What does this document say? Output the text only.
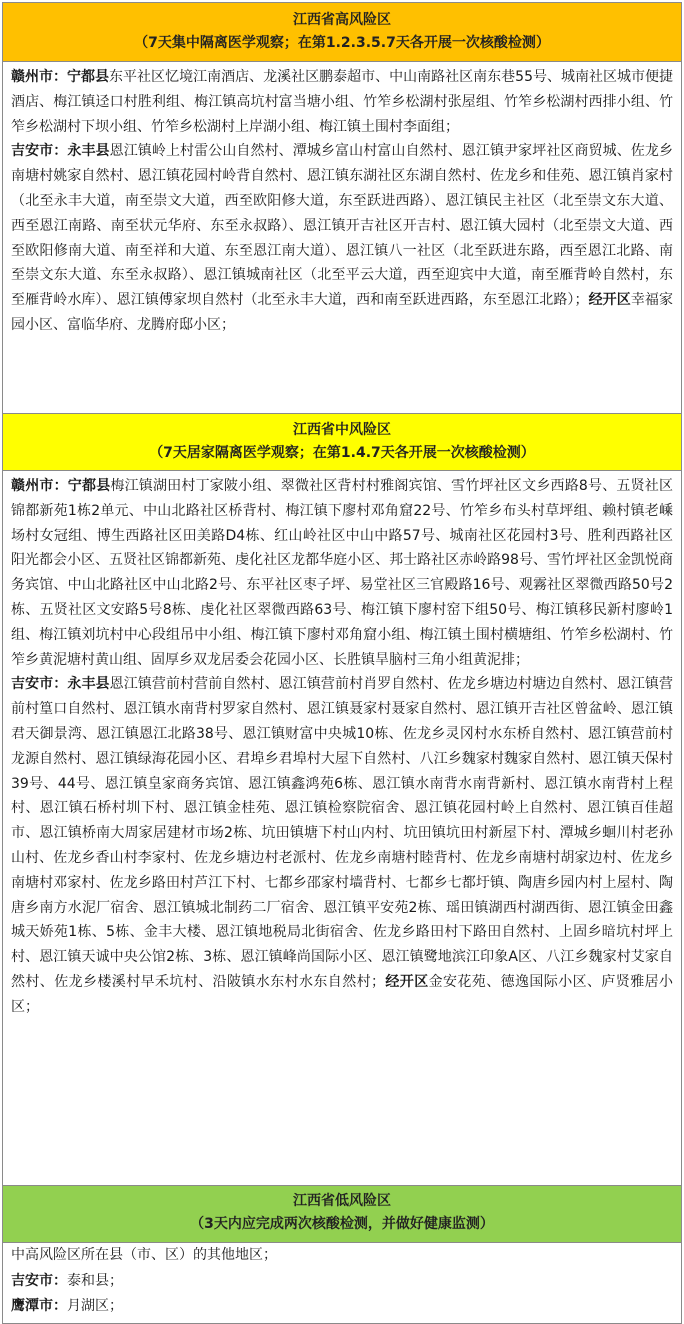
江西省高风险区
（7天集中隔离医学观察；在第1.2.3.5.7天各开展一次核酸检测）

赣州市：宁都县东平社区忆境江南酒店、龙溪社区鹏泰超市、中山南路社区南东巷55号、城南社区城市便捷酒店、梅江镇迳口村胜利组、梅江镇高坑村富当塘小组、竹笮乡松湖村张屋组、竹笮乡松湖村西排小组、竹笮乡松湖村下坝小组、竹笮乡松湖村上岸湖小组、梅江镇土围村李面组；

吉安市：永丰县恩江镇岭上村雷公山自然村、潭城乡富山村富山自然村、恩江镇尹家坪社区商贸城、佐龙乡南塘村姚家自然村、恩江镇花园村岭背自然村、恩江镇东湖社区东湖自然村、佐龙乡和佳苑、恩江镇肖家村（北至永丰大道，南至崇文大道，西至欧阳修大道，东至跃进西路）、恩江镇民主社区（北至崇文东大道、西至恩江南路、南至状元华府、东至永叔路）、恩江镇开吉社区开吉村、恩江镇大园村（北至崇文大道、西至欧阳修南大道、南至祥和大道、东至恩江南大道）、恩江镇八一社区（北至跃进东路，西至恩江北路、南至崇文东大道、东至永叔路）、恩江镇城南社区（北至平云大道，西至迎宾中大道，南至雁背岭自然村，东至雁背岭水库）、恩江镇傅家坝自然村（北至永丰大道，西和南至跃进西路，东至恩江北路）；经开区幸福家园小区、富临华府、龙腾府邸小区；

江西省中风险区
（7天居家隔离医学观察；在第1.4.7天各开展一次核酸检测）

赣州市：宁都县梅江镇湖田村丁家陂小组、翠微社区背村村雅阁宾馆、雪竹坪社区文乡西路8号、五贤社区锦都新苑1栋2单元、中山北路社区桥背村、梅江镇下廖村邓角窟22号、竹笮乡布头村草坪组、赖村镇老嵊场村女冠组、博生西路社区田美路D4栋、红山岭社区中山中路57号、城南社区花园村3号、胜利西路社区阳光都会小区、五贤社区锦都新苑、虔化社区龙都华庭小区、邦士路社区赤岭路98号、雪竹坪社区金凯悦商务宾馆、中山北路社区中山北路2号、东平社区枣子坪、易堂社区三官殿路16号、观霧社区翠微西路50号2栋、五贤社区文安路5号8栋、虔化社区翠微西路63号、梅江镇下廖村窑下组50号、梅江镇移民新村廖岭1组、梅江镇刘坑村中心段组吊中小组、梅江镇下廖村邓角窟小组、梅江镇土围村横塘组、竹笮乡松湖村、竹笮乡黄泥塘村黄山组、固厚乡双龙居委会花园小区、长胜镇旱脑村三角小组黄泥排；

吉安市：永丰县恩江镇营前村营前自然村、恩江镇营前村肖罗自然村、佐龙乡塘边村塘边自然村、恩江镇营前村篁口自然村、恩江镇水南背村罗家自然村、恩江镇聂家村聂家自然村、恩江镇开吉社区曾盆岭、恩江镇君天御景湾、恩江镇恩江北路38号、恩江镇财富中央城10栋、佐龙乡灵冈村水东桥自然村、恩江镇营前村龙源自然村、恩江镇绿海花园小区、君埠乡君埠村大屋下自然村、八江乡魏家村魏家自然村、恩江镇天保村39号、44号、恩江镇皇家商务宾馆、恩江镇鑫鸿苑6栋、恩江镇水南背水南背新村、恩江镇水南背村上程村、恩江镇石桥村圳下村、恩江镇金桂苑、恩江镇检察院宿舍、恩江镇花园村岭上自然村、恩江镇百佳超市、恩江镇桥南大周家居建材市场2栋、坑田镇塘下村山内村、坑田镇坑田村新屋下村、潭城乡蛔川村老孙山村、佐龙乡香山村李家村、佐龙乡塘边村老派村、佐龙乡南塘村睦背村、佐龙乡南塘村胡家边村、佐龙乡南塘村邓家村、佐龙乡路田村芦江下村、七都乡邵家村墙背村、七都乡七都圩镇、陶唐乡园内村上屋村、陶唐乡南方水泥厂宿舍、恩江镇城北制药二厂宿舍、恩江镇平安苑2栋、瑶田镇湖西村湖西街、恩江镇金田鑫城天娇苑1栋、5栋、金丰大楼、恩江镇地税局北街宿舍、佐龙乡路田村下路田自然村、上固乡暗坑村坪上村、恩江镇天诚中央公馆2栋、3栋、恩江镇峰尚国际小区、恩江镇鹭地滨江印象A区、八江乡魏家村艾家自然村、佐龙乡楼溪村早禾坑村、沿陂镇水东村水东自然村；经开区金安花苑、德逸国际小区、庐贤雅居小区；

江西省低风险区
（3天内应完成两次核酸检测，并做好健康监测）

中高风险区所在县（市、区）的其他地区；

吉安市：泰和县；

鹰潭市：月湖区；
